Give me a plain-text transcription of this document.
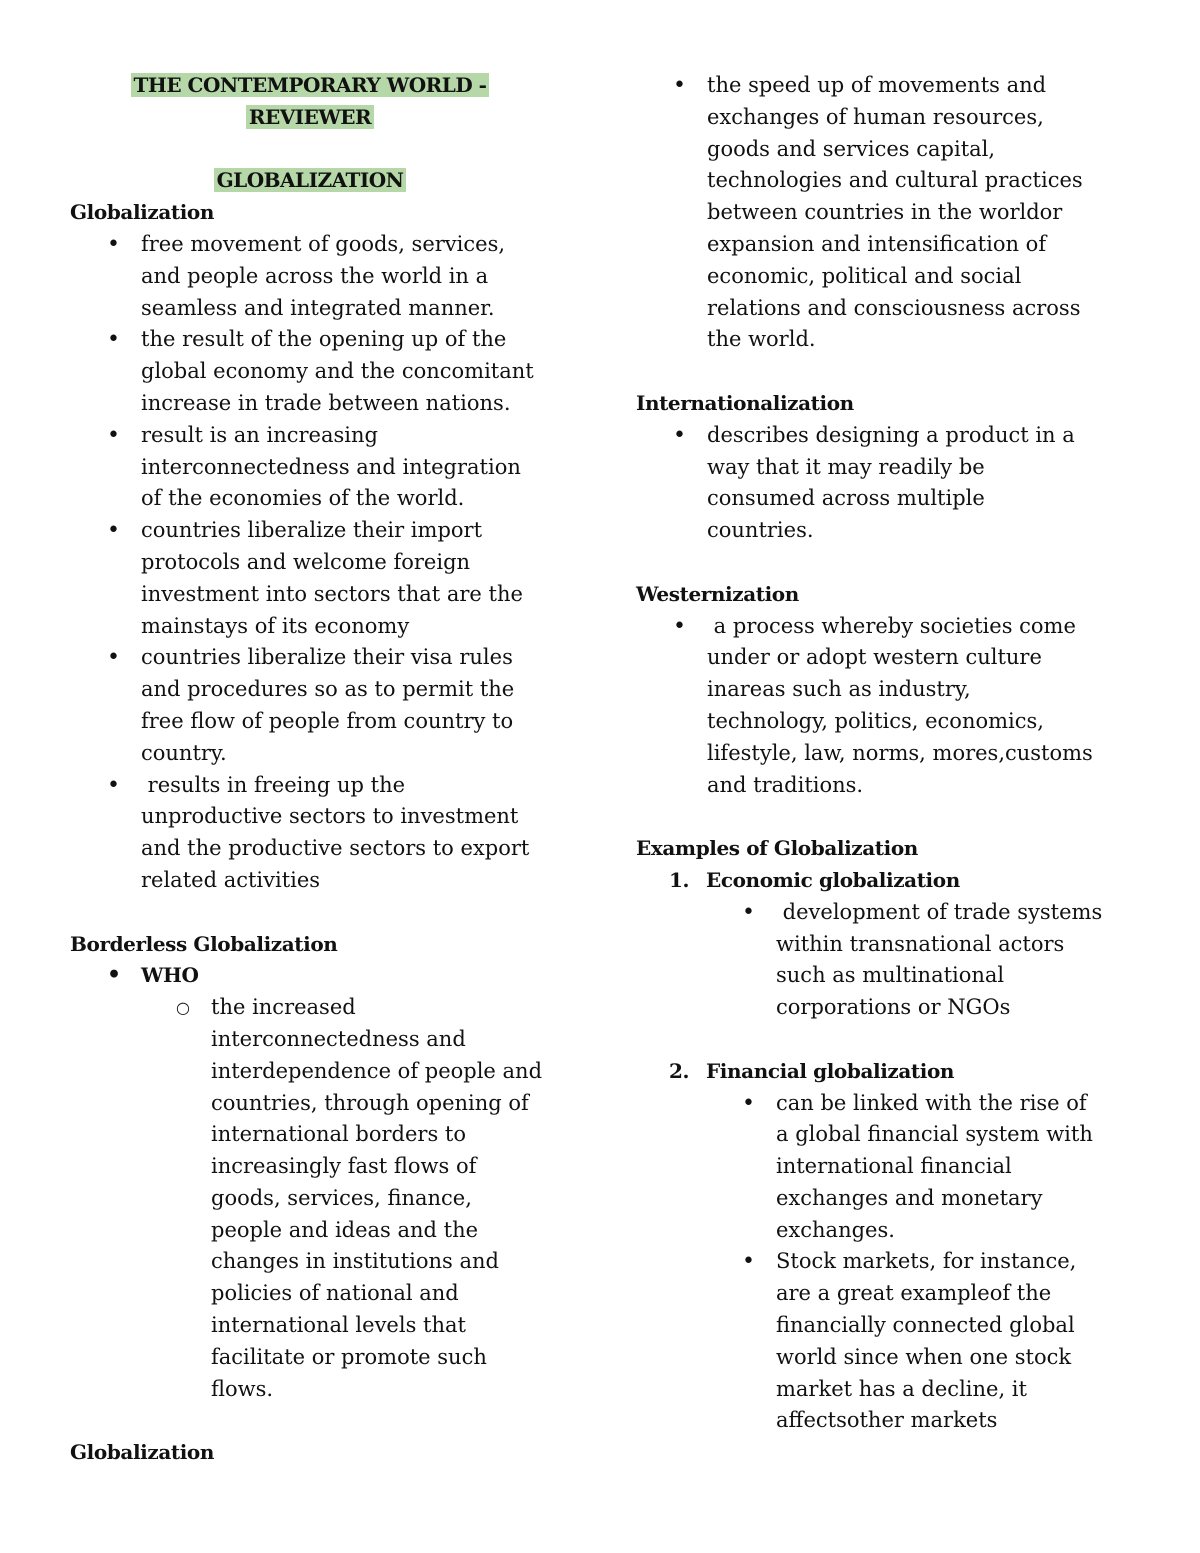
THE CONTEMPORARY WORLD -
REVIEWER
GLOBALIZATION
Globalization
• free movement of goods, services,
and people across the world in a
seamless and integrated manner.
• the result of the opening up of the
global economy and the concomitant
increase in trade between nations.
• result is an increasing
interconnectedness and integration
of the economies of the world.
• countries liberalize their import
protocols and welcome foreign
investment into sectors that are the
mainstays of its economy
• countries liberalize their visa rules
and procedures so as to permit the
free flow of people from country to
country.
•  results in freeing up the
unproductive sectors to investment
and the productive sectors to export
related activities
Borderless Globalization
• WHO
○ the increased
interconnectedness and
interdependence of people and
countries, through opening of
international borders to
increasingly fast flows of
goods, services, finance,
people and ideas and the
changes in institutions and
policies of national and
international levels that
facilitate or promote such
flows.
Globalization
• the speed up of movements and
exchanges of human resources,
goods and services capital,
technologies and cultural practices
between countries in the worldor
expansion and intensification of
economic, political and social
relations and consciousness across
the world.
Internationalization
• describes designing a product in a
way that it may readily be
consumed across multiple
countries.
Westernization
•  a process whereby societies come
under or adopt western culture
inareas such as industry,
technology, politics, economics,
lifestyle, law, norms, mores,customs
and traditions.
Examples of Globalization
1. Economic globalization
•  development of trade systems
within transnational actors
such as multinational
corporations or NGOs
2. Financial globalization
• can be linked with the rise of
a global financial system with
international financial
exchanges and monetary
exchanges.
• Stock markets, for instance,
are a great exampleof the
financially connected global
world since when one stock
market has a decline, it
affectsother markets
